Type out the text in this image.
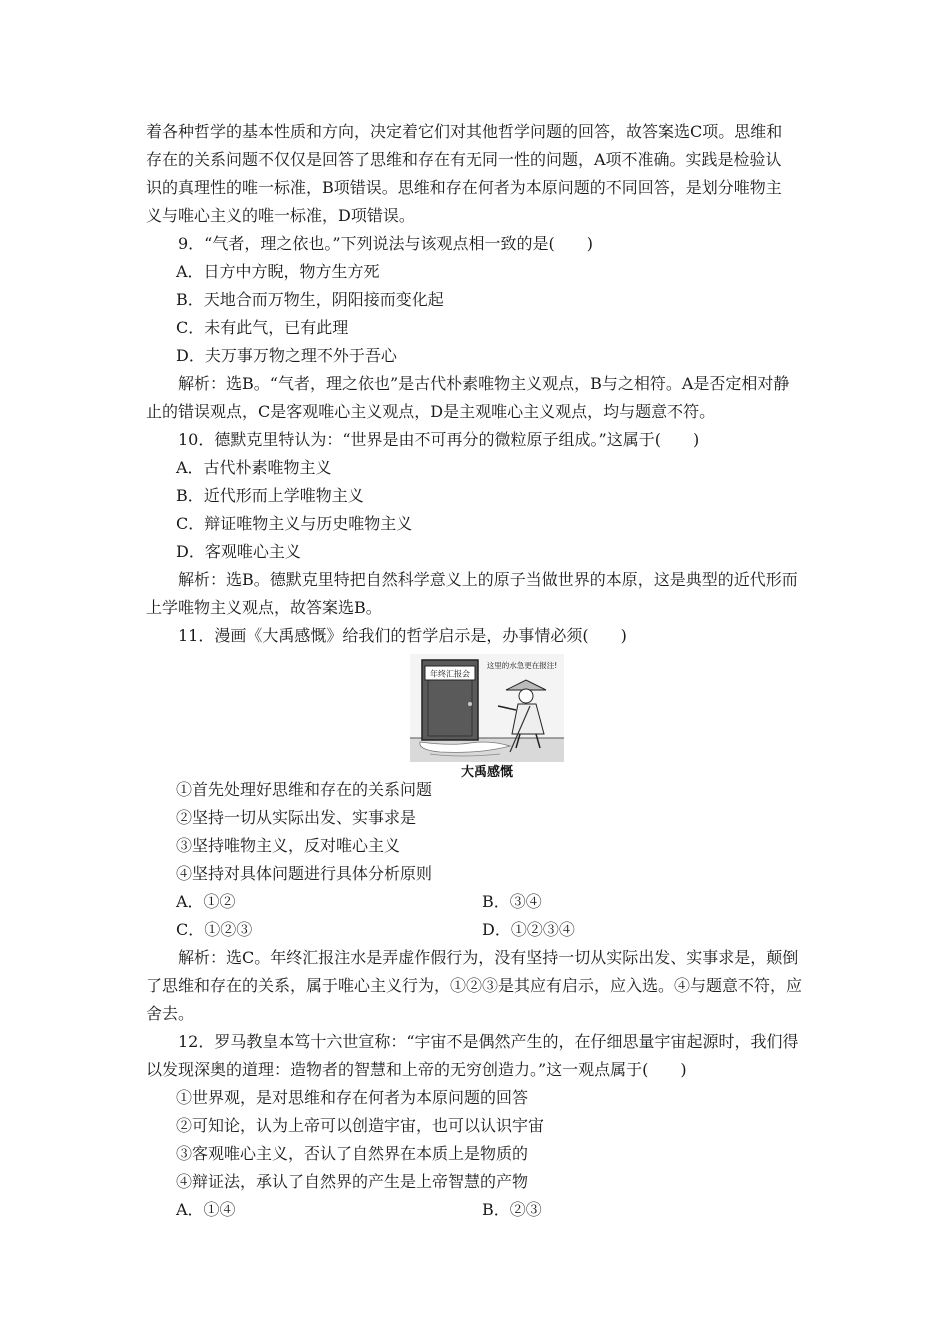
着各种哲学的基本性质和方向，决定着它们对其他哲学问题的回答，故答案选C项。思维和

存在的关系问题不仅仅是回答了思维和存在有无同一性的问题，A项不准确。实践是检验认

识的真理性的唯一标准，B项错误。思维和存在何者为本原问题的不同回答，是划分唯物主

义与唯心主义的唯一标准，D项错误。

9．“气者，理之依也。”下列说法与该观点相一致的是(　　)

A．日方中方睨，物方生方死

B．天地合而万物生，阴阳接而变化起

C．未有此气，已有此理

D．夫万事万物之理不外于吾心

解析：选B。“气者，理之依也”是古代朴素唯物主义观点，B与之相符。A是否定相对静

止的错误观点，C是客观唯心主义观点，D是主观唯心主义观点，均与题意不符。

10．德默克里特认为：“世界是由不可再分的微粒原子组成。”这属于(　　)

A．古代朴素唯物主义

B．近代形而上学唯物主义

C．辩证唯物主义与历史唯物主义

D．客观唯心主义

解析：选B。德默克里特把自然科学意义上的原子当做世界的本原，这是典型的近代形而

上学唯物主义观点，故答案选B。

11．漫画《大禹感慨》给我们的哲学启示是，办事情必须(　　)

年终汇报会
这里的水急更在报注!
大禹感慨

①首先处理好思维和存在的关系问题

②坚持一切从实际出发、实事求是

③坚持唯物主义，反对唯心主义

④坚持对具体问题进行具体分析原则

A．①②	B．③④
C．①②③	D．①②③④

解析：选C。年终汇报注水是弄虚作假行为，没有坚持一切从实际出发、实事求是，颠倒

了思维和存在的关系，属于唯心主义行为，①②③是其应有启示，应入选。④与题意不符，应

舍去。

12．罗马教皇本笃十六世宣称：“宇宙不是偶然产生的，在仔细思量宇宙起源时，我们得

以发现深奥的道理：造物者的智慧和上帝的无穷创造力。”这一观点属于(　　)

①世界观，是对思维和存在何者为本原问题的回答

②可知论，认为上帝可以创造宇宙，也可以认识宇宙

③客观唯心主义，否认了自然界在本质上是物质的

④辩证法，承认了自然界的产生是上帝智慧的产物

A．①④	B．②③
